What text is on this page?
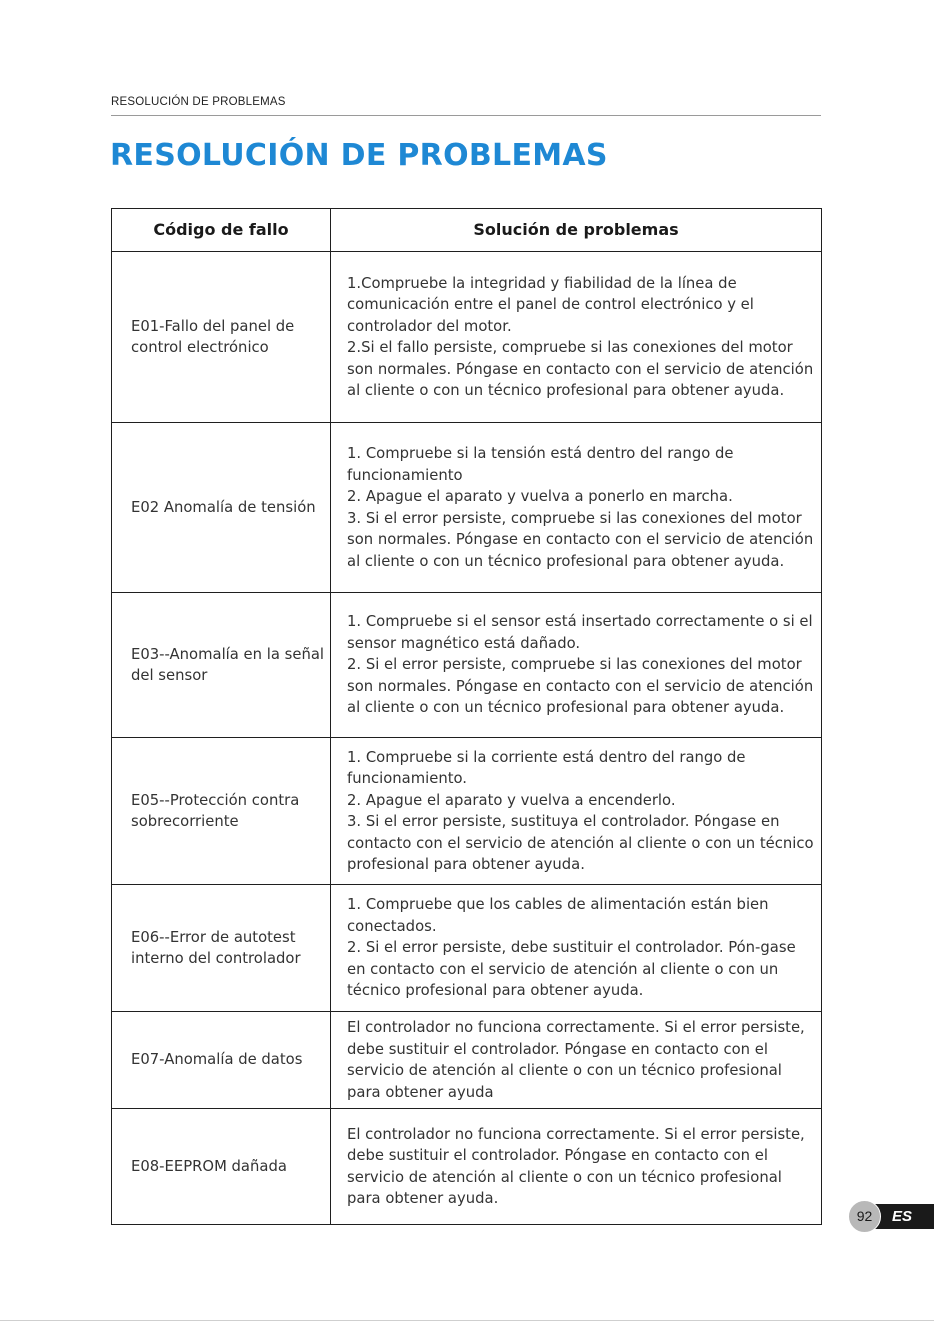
RESOLUCIÓN DE PROBLEMAS
RESOLUCIÓN DE PROBLEMAS
Código de fallo	Solución de problemas
E01-Fallo del panel de control electrónico	1.Compruebe la integridad y fiabilidad de la línea de comunicación entre el panel de control electrónico y el controlador del motor.
2.Si el fallo persiste, compruebe si las conexiones del motor son normales. Póngase en contacto con el servicio de atención al cliente o con un técnico profesional para obtener ayuda.

E02 Anomalía de tensión	1. Compruebe si la tensión está dentro del rango de funcionamiento
2. Apague el aparato y vuelva a ponerlo en marcha.
3. Si el error persiste, compruebe si las conexiones del motor son normales. Póngase en contacto con el servicio de atención al cliente o con un técnico profesional para obtener ayuda.

E03--Anomalía en la señal del sensor	1. Compruebe si el sensor está insertado correctamente o si el sensor magnético está dañado.
2. Si el error persiste, compruebe si las conexiones del motor son normales. Póngase en contacto con el servicio de atención al cliente o con un técnico profesional para obtener ayuda.

E05--Protección contra sobrecorriente	1. Compruebe si la corriente está dentro del rango de funcionamiento.
2. Apague el aparato y vuelva a encenderlo.
3. Si el error persiste, sustituya el controlador. Póngase en contacto con el servicio de atención al cliente o con un técnico profesional para obtener ayuda.

E06--Error de autotest interno del controlador	1. Compruebe que los cables de alimentación están bien conectados.
2. Si el error persiste, debe sustituir el controlador. Pón-gase en contacto con el servicio de atención al cliente o con un técnico profesional para obtener ayuda.

E07-Anomalía de datos	El controlador no funciona correctamente. Si el error persiste, debe sustituir el controlador. Póngase en contacto con el servicio de atención al cliente o con un técnico profesional para obtener ayuda

E08-EEPROM dañada	El controlador no funciona correctamente. Si el error persiste, debe sustituir el controlador. Póngase en contacto con el servicio de atención al cliente o con un técnico profesional para obtener ayuda.
92	ES
